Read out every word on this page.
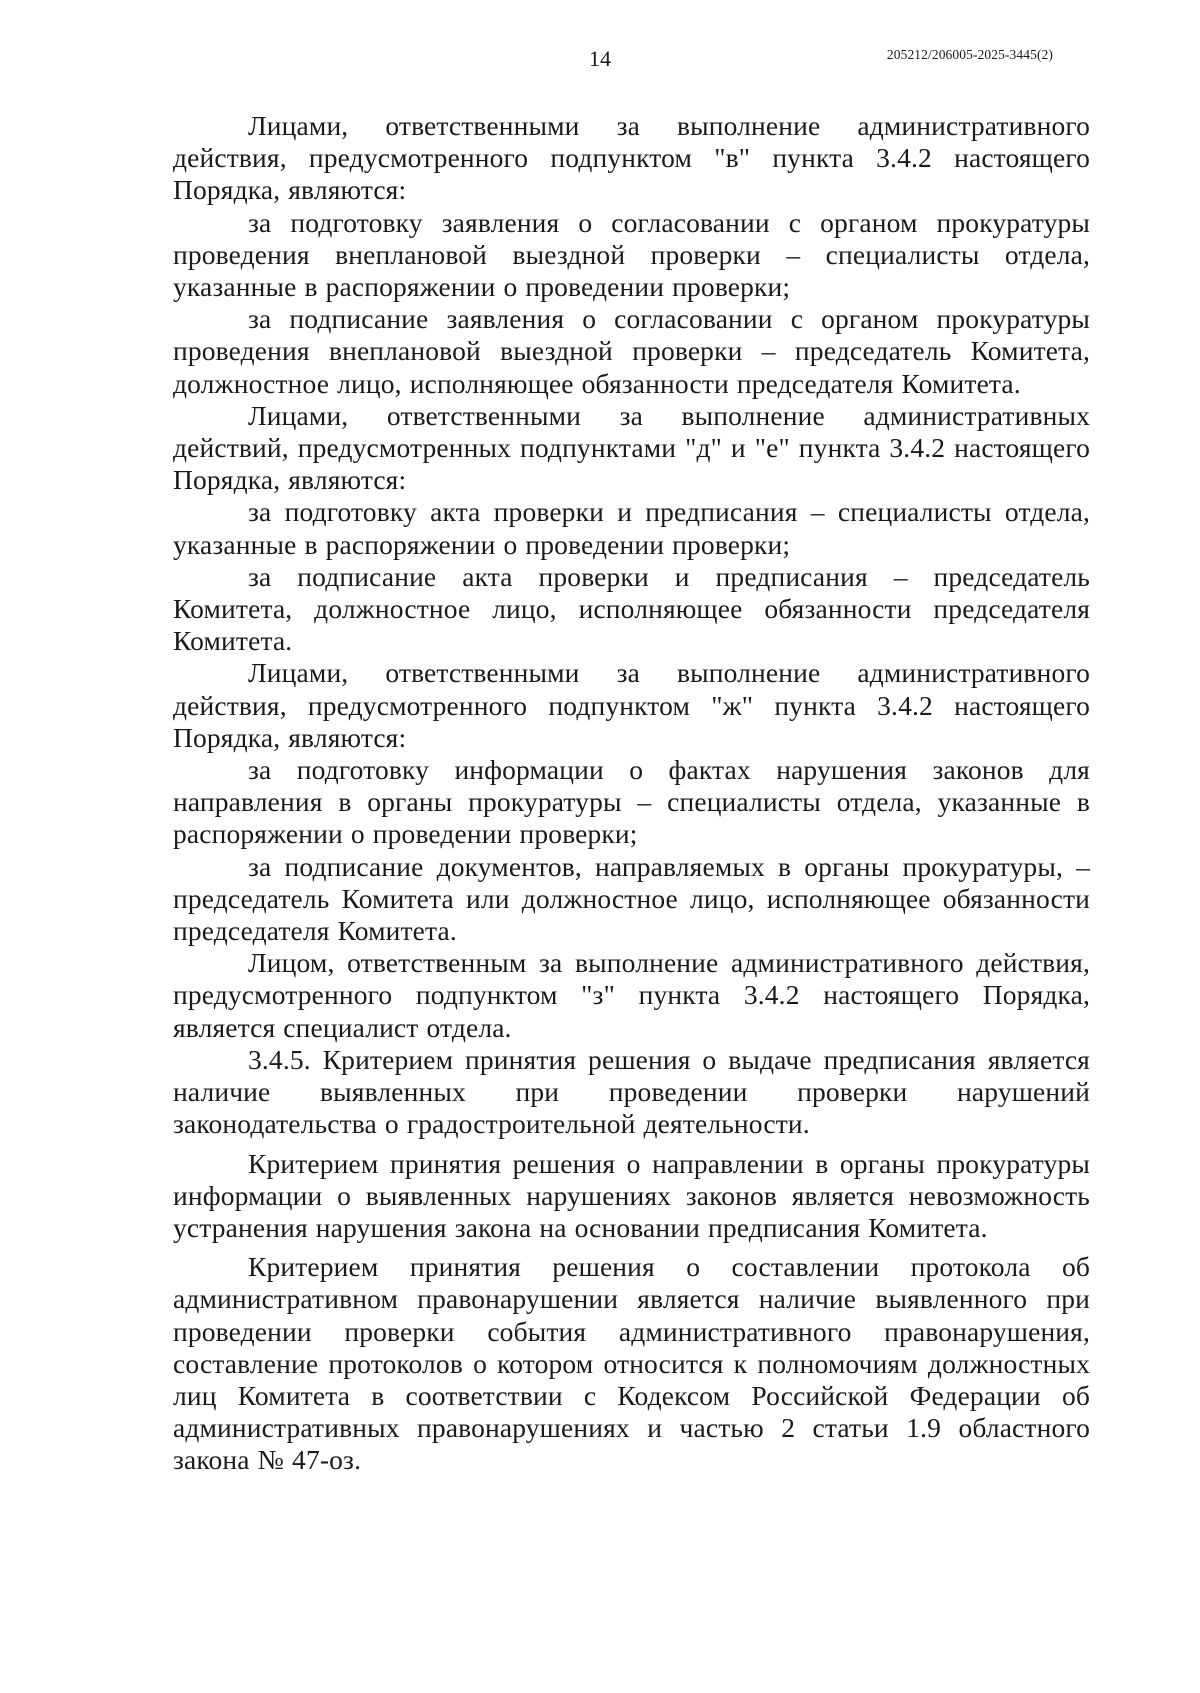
14	205212/206005-2025-3445(2)

Лицами, ответственными за выполнение административного действия, предусмотренного подпунктом "в" пункта 3.4.2 настоящего Порядка, являются:

за подготовку заявления о согласовании с органом прокуратуры проведения внеплановой выездной проверки – специалисты отдела, указанные в распоряжении о проведении проверки;

за подписание заявления о согласовании с органом прокуратуры проведения внеплановой выездной проверки – председатель Комитета, должностное лицо, исполняющее обязанности председателя Комитета.

Лицами, ответственными за выполнение административных действий, предусмотренных подпунктами "д" и "е" пункта 3.4.2 настоящего Порядка, являются:

за подготовку акта проверки и предписания – специалисты отдела, указанные в распоряжении о проведении проверки;

за подписание акта проверки и предписания – председатель Комитета, должностное лицо, исполняющее обязанности председателя Комитета.

Лицами, ответственными за выполнение административного действия, предусмотренного подпунктом "ж" пункта 3.4.2 настоящего Порядка, являются:

за подготовку информации о фактах нарушения законов для направления в органы прокуратуры – специалисты отдела, указанные в распоряжении о проведении проверки;

за подписание документов, направляемых в органы прокуратуры, – председатель Комитета или должностное лицо, исполняющее обязанности председателя Комитета.

Лицом, ответственным за выполнение административного действия, предусмотренного подпунктом "з" пункта 3.4.2 настоящего Порядка, является специалист отдела.

3.4.5. Критерием принятия решения о выдаче предписания является наличие выявленных при проведении проверки нарушений законодательства о градостроительной деятельности.

Критерием принятия решения о направлении в органы прокуратуры информации о выявленных нарушениях законов является невозможность устранения нарушения закона на основании предписания Комитета.

Критерием принятия решения о составлении протокола об административном правонарушении является наличие выявленного при проведении проверки события административного правонарушения, составление протоколов о котором относится к полномочиям должностных лиц Комитета в соответствии с Кодексом Российской Федерации об административных правонарушениях и частью 2 статьи 1.9 областного закона № 47-оз.
